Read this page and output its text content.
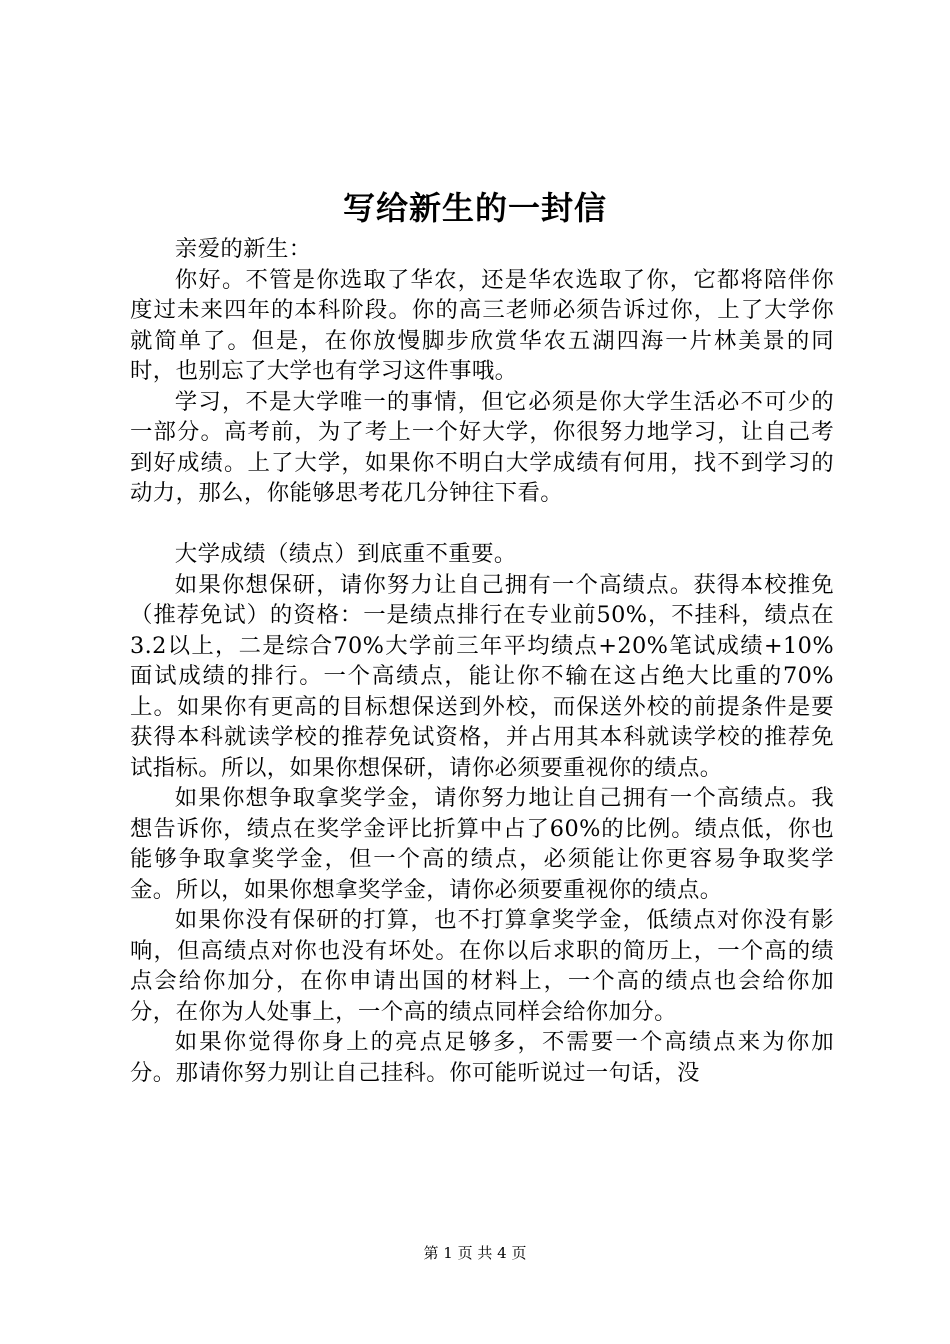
写给新生的一封信

亲爱的新生：

你好。不管是你选取了华农，还是华农选取了你，它都将陪伴你度过未来四年的本科阶段。你的高三老师必须告诉过你，上了大学你就简单了。但是，在你放慢脚步欣赏华农五湖四海一片林美景的同时，也别忘了大学也有学习这件事哦。

学习，不是大学唯一的事情，但它必须是你大学生活必不可少的一部分。高考前，为了考上一个好大学，你很努力地学习，让自己考到好成绩。上了大学，如果你不明白大学成绩有何用，找不到学习的动力，那么，你能够思考花几分钟往下看。

大学成绩（绩点）到底重不重要。

如果你想保研，请你努力让自己拥有一个高绩点。获得本校推免（推荐免试）的资格：一是绩点排行在专业前50%，不挂科，绩点在3.2以上，二是综合70%大学前三年平均绩点+20%笔试成绩+10%面试成绩的排行。一个高绩点，能让你不输在这占绝大比重的70%上。如果你有更高的目标想保送到外校，而保送外校的前提条件是要获得本科就读学校的推荐免试资格，并占用其本科就读学校的推荐免试指标。所以，如果你想保研，请你必须要重视你的绩点。

如果你想争取拿奖学金，请你努力地让自己拥有一个高绩点。我想告诉你，绩点在奖学金评比折算中占了60%的比例。绩点低，你也能够争取拿奖学金，但一个高的绩点，必须能让你更容易争取奖学金。所以，如果你想拿奖学金，请你必须要重视你的绩点。

如果你没有保研的打算，也不打算拿奖学金，低绩点对你没有影响，但高绩点对你也没有坏处。在你以后求职的简历上，一个高的绩点会给你加分，在你申请出国的材料上，一个高的绩点也会给你加分，在你为人处事上，一个高的绩点同样会给你加分。

如果你觉得你身上的亮点足够多，不需要一个高绩点来为你加分。那请你努力别让自己挂科。你可能听说过一句话，没

第 1 页 共 4 页
